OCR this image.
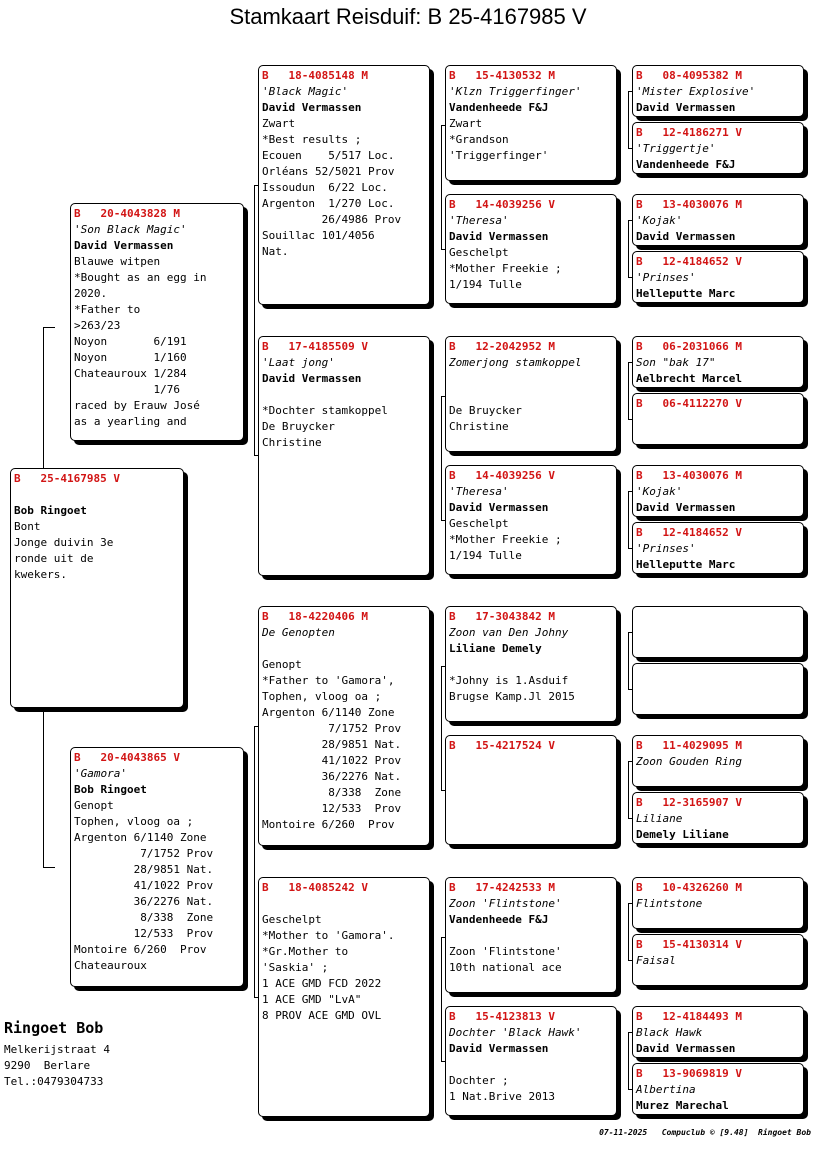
Stamkaart Reisduif: B 25-4167985 V
B   25-4167985 V

Bob Ringoet
Bont
Jonge duivin 3e
ronde uit de
kwekers.
B   20-4043828 M
'Son Black Magic'
David Vermassen
Blauwe witpen
*Bought as an egg in
2020.
*Father to
>263/23
Noyon       6/191
Noyon       1/160
Chateauroux 1/284
1/76
raced by Erauw José
as a yearling and
B   20-4043865 V
'Gamora'
Bob Ringoet
Genopt
Tophen, vloog oa ;
Argenton 6/1140 Zone
7/1752 Prov
28/9851 Nat.
41/1022 Prov
36/2276 Nat.
8/338  Zone
12/533  Prov
Montoire 6/260  Prov
Chateauroux
B   18-4085148 M
'Black Magic'
David Vermassen
Zwart
*Best results ;
Ecouen    5/517 Loc.
Orléans 52/5021 Prov
Issoudun  6/22 Loc.
Argenton  1/270 Loc.
26/4986 Prov
Souillac 101/4056
Nat.
B   17-4185509 V
'Laat jong'
David Vermassen

*Dochter stamkoppel
De Bruycker
Christine
B   18-4220406 M
De Genopten

Genopt
*Father to 'Gamora',
Tophen, vloog oa ;
Argenton 6/1140 Zone
7/1752 Prov
28/9851 Nat.
41/1022 Prov
36/2276 Nat.
8/338  Zone
12/533  Prov
Montoire 6/260  Prov
B   18-4085242 V

Geschelpt
*Mother to 'Gamora'.
*Gr.Mother to
'Saskia' ;
1 ACE GMD FCD 2022
1 ACE GMD "LvA"
8 PROV ACE GMD OVL
B   15-4130532 M
'Klzn Triggerfinger'
Vandenheede F&J
Zwart
*Grandson
'Triggerfinger'
B   14-4039256 V
'Theresa'
David Vermassen
Geschelpt
*Mother Freekie ;
1/194 Tulle
B   12-2042952 M
Zomerjong stamkoppel

De Bruycker
Christine
B   14-4039256 V
'Theresa'
David Vermassen
Geschelpt
*Mother Freekie ;
1/194 Tulle
B   17-3043842 M
Zoon van Den Johny
Liliane Demely

*Johny is 1.Asduif
Brugse Kamp.Jl 2015
B   15-4217524 V
B   17-4242533 M
Zoon 'Flintstone'
Vandenheede F&J

Zoon 'Flintstone'
10th national ace
B   15-4123813 V
Dochter 'Black Hawk'
David Vermassen

Dochter ;
1 Nat.Brive 2013
B   08-4095382 M
'Mister Explosive'
David Vermassen
B   12-4186271 V
'Triggertje'
Vandenheede F&J
B   13-4030076 M
'Kojak'
David Vermassen
B   12-4184652 V
'Prinses'
Helleputte Marc
B   06-2031066 M
Son "bak 17"
Aelbrecht Marcel
B   06-4112270 V
B   13-4030076 M
'Kojak'
David Vermassen
B   12-4184652 V
'Prinses'
Helleputte Marc
B   11-4029095 M
Zoon Gouden Ring
B   12-3165907 V
Liliane
Demely Liliane
B   10-4326260 M
Flintstone
B   15-4130314 V
Faisal
B   12-4184493 M
Black Hawk
David Vermassen
B   13-9069819 V
Albertina
Murez Marechal
Ringoet Bob
Melkerijstraat 4
9290  Berlare
Tel.:0479304733
07-11-2025   Compuclub © [9.48]  Ringoet Bob
